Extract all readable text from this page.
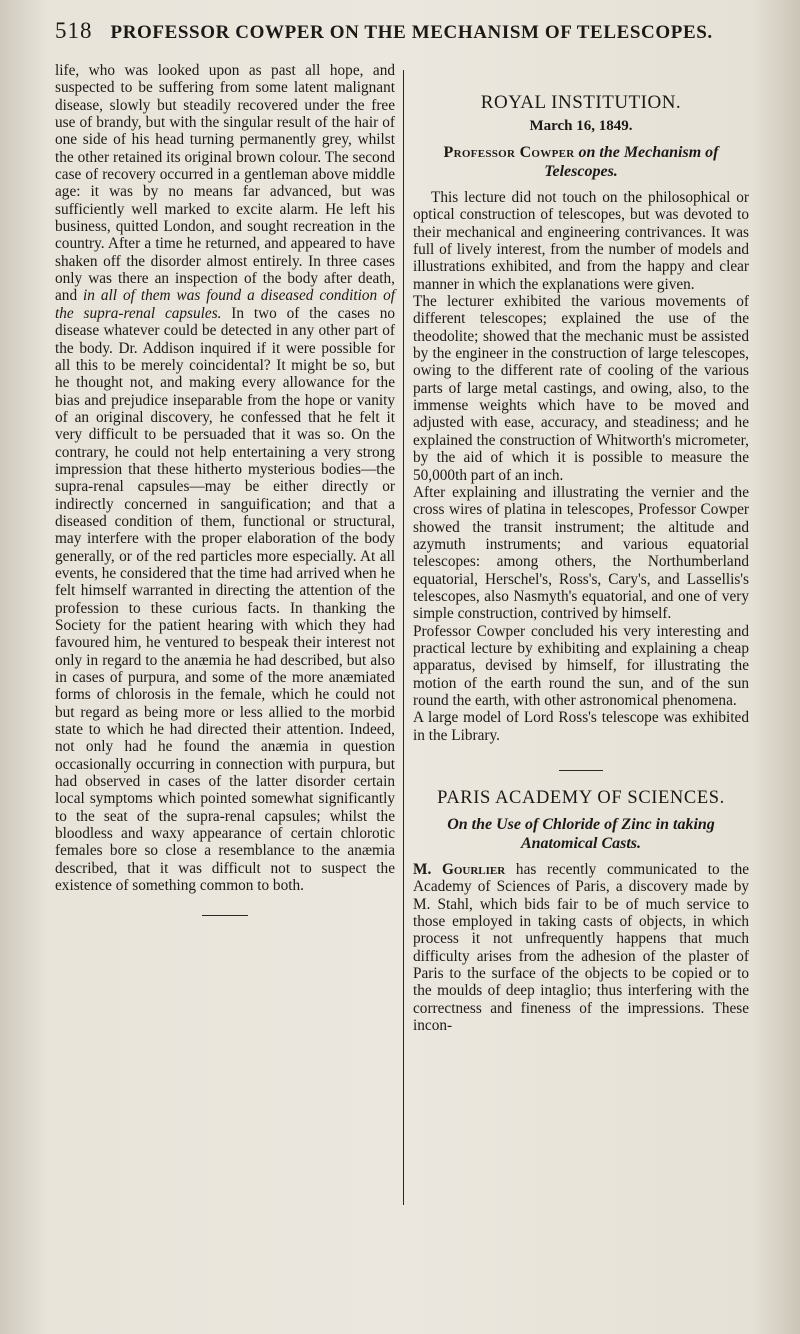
518 PROFESSOR COWPER ON THE MECHANISM OF TELESCOPES.

life, who was looked upon as past all hope, and suspected to be suffering from some latent malignant disease, slowly but steadily recovered under the free use of brandy, but with the singular result of the hair of one side of his head turning permanently grey, whilst the other retained its original brown colour. The second case of recovery occurred in a gentleman above middle age: it was by no means far advanced, but was sufficiently well marked to excite alarm. He left his business, quitted London, and sought recreation in the country. After a time he returned, and appeared to have shaken off the disorder almost entirely. In three cases only was there an inspection of the body after death, and in all of them was found a diseased condition of the supra-renal capsules. In two of the cases no disease whatever could be detected in any other part of the body. Dr. Addison inquired if it were possible for all this to be merely coincidental? It might be so, but he thought not, and making every allowance for the bias and prejudice inseparable from the hope or vanity of an original discovery, he confessed that he felt it very difficult to be persuaded that it was so. On the contrary, he could not help entertaining a very strong impression that these hitherto mysterious bodies—the supra-renal capsules—may be either directly or indirectly concerned in sanguification; and that a diseased condition of them, functional or structural, may interfere with the proper elaboration of the body generally, or of the red particles more especially. At all events, he considered that the time had arrived when he felt himself warranted in directing the attention of the profession to these curious facts. In thanking the Society for the patient hearing with which they had favoured him, he ventured to bespeak their interest not only in regard to the anæmia he had described, but also in cases of purpura, and some of the more anæmiated forms of chlorosis in the female, which he could not but regard as being more or less allied to the morbid state to which he had directed their attention. Indeed, not only had he found the anæmia in question occasionally occurring in connection with purpura, but had observed in cases of the latter disorder certain local symptoms which pointed somewhat significantly to the seat of the supra-renal capsules; whilst the bloodless and waxy appearance of certain chlorotic females bore so close a resemblance to the anæmia described, that it was difficult not to suspect the existence of something common to both.

ROYAL INSTITUTION.
March 16, 1849.
Professor Cowper on the Mechanism of Telescopes.

This lecture did not touch on the philosophical or optical construction of telescopes, but was devoted to their mechanical and engineering contrivances. It was full of lively interest, from the number of models and illustrations exhibited, and from the happy and clear manner in which the explanations were given.

The lecturer exhibited the various movements of different telescopes; explained the use of the theodolite; showed that the mechanic must be assisted by the engineer in the construction of large telescopes, owing to the different rate of cooling of the various parts of large metal castings, and owing, also, to the immense weights which have to be moved and adjusted with ease, accuracy, and steadiness; and he explained the construction of Whitworth's micrometer, by the aid of which it is possible to measure the 50,000th part of an inch.

After explaining and illustrating the vernier and the cross wires of platina in telescopes, Professor Cowper showed the transit instrument; the altitude and azymuth instruments; and various equatorial telescopes: among others, the Northumberland equatorial, Herschel's, Ross's, Cary's, and Lassellis's telescopes, also Nasmyth's equatorial, and one of very simple construction, contrived by himself.

Professor Cowper concluded his very interesting and practical lecture by exhibiting and explaining a cheap apparatus, devised by himself, for illustrating the motion of the earth round the sun, and of the sun round the earth, with other astronomical phenomena.

A large model of Lord Ross's telescope was exhibited in the Library.

PARIS ACADEMY OF SCIENCES.
On the Use of Chloride of Zinc in taking Anatomical Casts.

M. Gourlier has recently communicated to the Academy of Sciences of Paris, a discovery made by M. Stahl, which bids fair to be of much service to those employed in taking casts of objects, in which process it not unfrequently happens that much difficulty arises from the adhesion of the plaster of Paris to the surface of the objects to be copied or to the moulds of deep intaglio; thus interfering with the correctness and fineness of the impressions. These incon-
